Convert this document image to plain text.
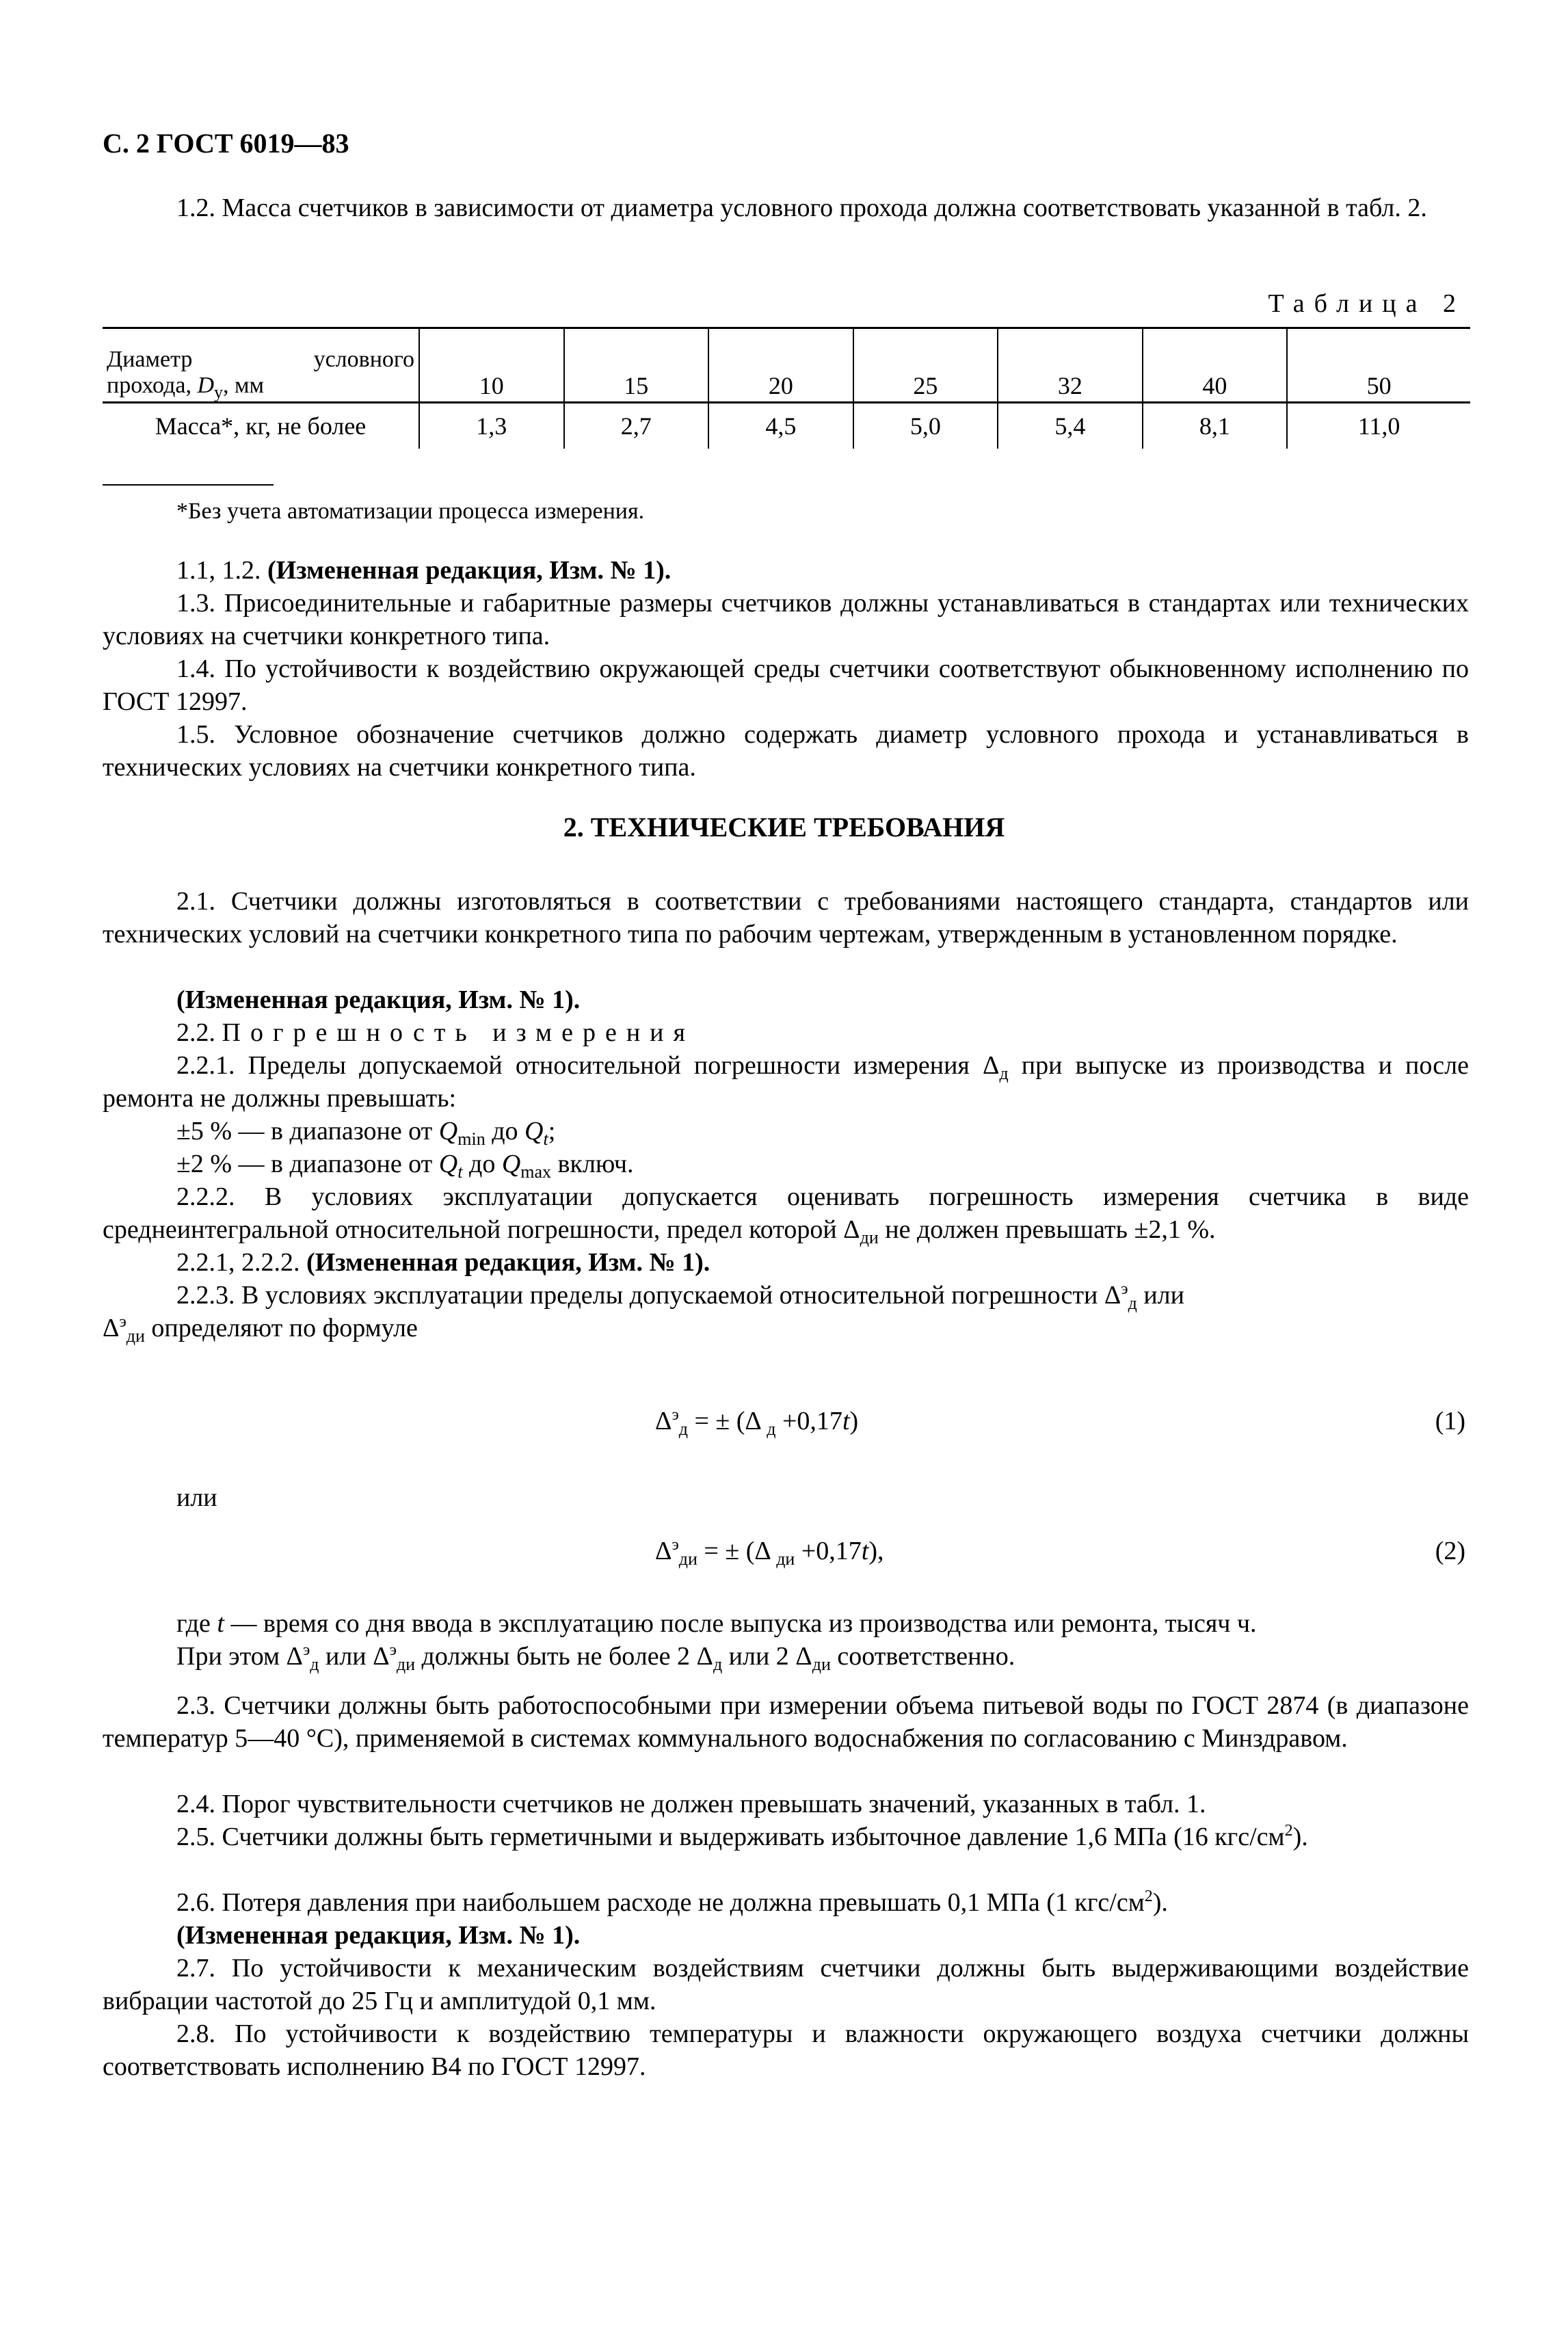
С. 2 ГОСТ 6019—83
1.2. Масса счетчиков в зависимости от диаметра условного прохода должна соответствовать указанной в табл. 2.
Таблица 2
Диаметр условного
прохода, $D_y$, мм	10	15	20	25	32	40	50
Масса*, кг, не более	1,3	2,7	4,5	5,0	5,4	8,1	11,0
*Без учета автоматизации процесса измерения.
1.1, 1.2. (Измененная редакция, Изм. № 1).
1.3. Присоединительные и габаритные размеры счетчиков должны устанавливаться в стандартах или технических условиях на счетчики конкретного типа.
1.4. По устойчивости к воздействию окружающей среды счетчики соответствуют обыкновенному исполнению по ГОСТ 12997.
1.5. Условное обозначение счетчиков должно содержать диаметр условного прохода и устанавливаться в технических условиях на счетчики конкретного типа.
2. ТЕХНИЧЕСКИЕ ТРЕБОВАНИЯ
2.1. Счетчики должны изготовляться в соответствии с требованиями настоящего стандарта, стандартов или технических условий на счетчики конкретного типа по рабочим чертежам, утвержденным в установленном порядке.
(Измененная редакция, Изм. № 1).
2.2. Погрешность измерения
2.2.1. Пределы допускаемой относительной погрешности измерения $\Delta_д$ при выпуске из производства и после ремонта не должны превышать:
±5 % — в диапазоне от $Q_{min}$ до $Q_t$;
±2 % — в диапазоне от $Q_t$ до $Q_{max}$ включ.
2.2.2. В условиях эксплуатации допускается оценивать погрешность измерения счетчика в виде среднеинтегральной относительной погрешности, предел которой $\Delta_{ди}$ не должен превышать ±2,1 %.
2.2.1, 2.2.2. (Измененная редакция, Изм. № 1).
2.2.3. В условиях эксплуатации пределы допускаемой относительной погрешности $\Delta^э_д$ или
$\Delta^э_{ди}$ определяют по формуле
$\Delta^э_д$ = ± (Δ $_д$ +0,17t)	(1)
или
$\Delta^э_{ди}$ = ± (Δ $_{ди}$ +0,17t),	(2)
где t — время со дня ввода в эксплуатацию после выпуска из производства или ремонта, тысяч ч.
При этом $\Delta^э_д$ или $\Delta^э_{ди}$ должны быть не более 2 $\Delta_д$ или 2 $\Delta_{ди}$ соответственно.
2.3. Счетчики должны быть работоспособными при измерении объема питьевой воды по ГОСТ 2874 (в диапазоне температур 5—40 °С), применяемой в системах коммунального водоснабжения по согласованию с Минздравом.
2.4. Порог чувствительности счетчиков не должен превышать значений, указанных в табл. 1.
2.5. Счетчики должны быть герметичными и выдерживать избыточное давление 1,6 МПа (16 кгс/$см^2$).
2.6. Потеря давления при наибольшем расходе не должна превышать 0,1 МПа (1 кгс/$см^2$).
(Измененная редакция, Изм. № 1).
2.7. По устойчивости к механическим воздействиям счетчики должны быть выдерживающими воздействие вибрации частотой до 25 Гц и амплитудой 0,1 мм.
2.8. По устойчивости к воздействию температуры и влажности окружающего воздуха счетчики должны соответствовать исполнению В4 по ГОСТ 12997.
